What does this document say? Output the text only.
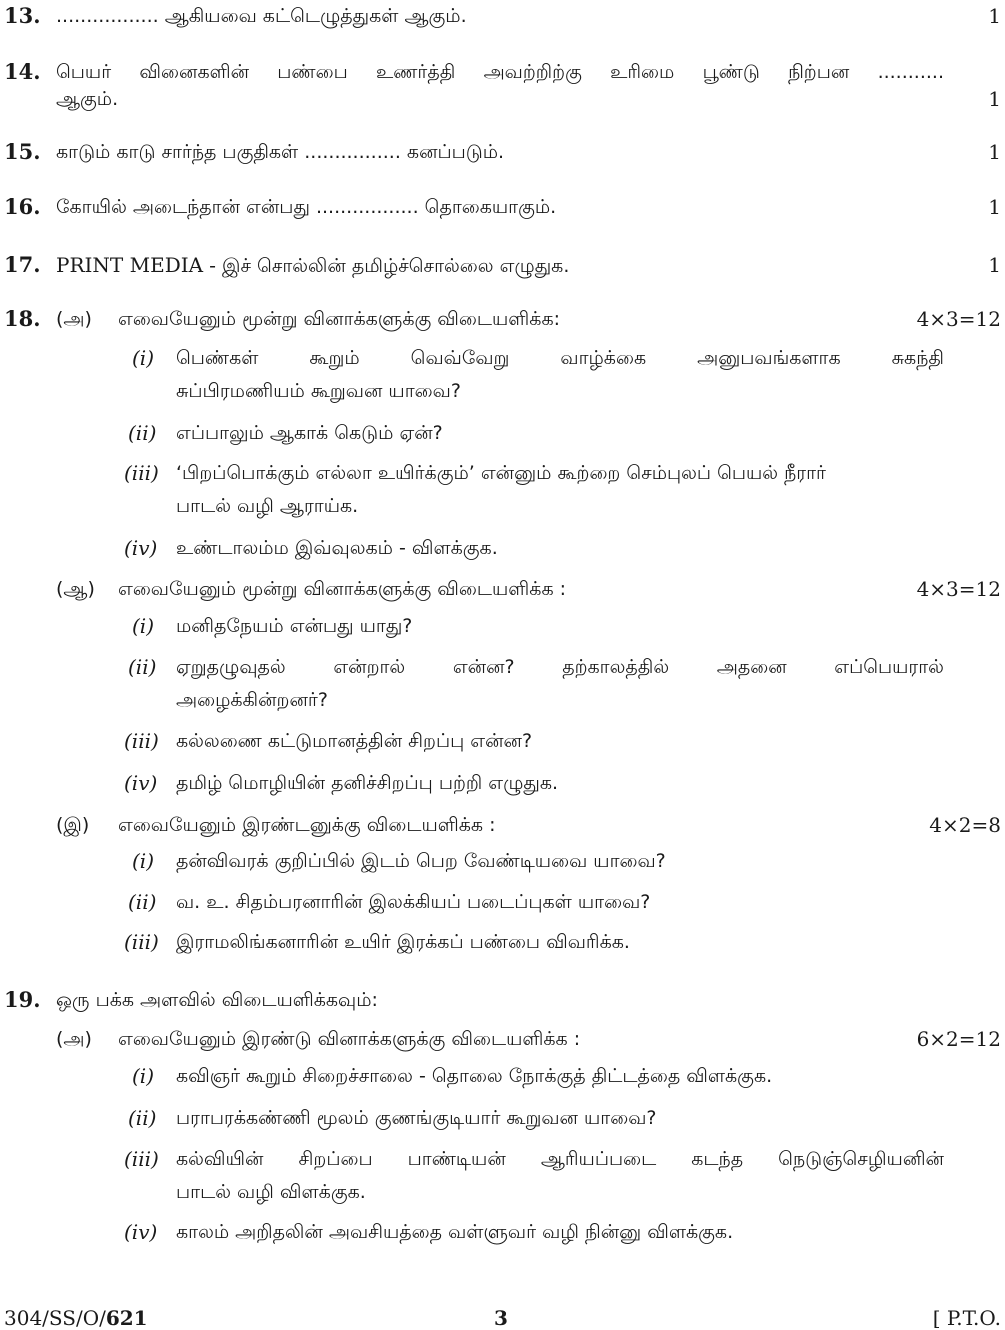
13. ................. ஆகியவை கட்டெழுத்துகள் ஆகும்.	1
14. பெயர் வினைகளின் பண்பை உணர்த்தி அவற்றிற்கு உரிமை பூண்டு நிற்பன ...........
ஆகும்.	1
15. காடும் காடு சார்ந்த பகுதிகள் ................ கனப்படும்.	1
16. கோயில் அடைந்தான் என்பது ................. தொகையாகும்.	1
17. PRINT MEDIA - இச் சொல்லின் தமிழ்ச்சொல்லை எழுதுக.	1
18. (அ) எவையேனும் மூன்று வினாக்களுக்கு விடையளிக்க:	4×3=12
(i) பெண்கள்	கூறும்	வெவ்வேறு	வாழ்க்கை	அனுபவங்களாக	சுகந்தி
சுப்பிரமணியம் கூறுவன யாவை?
(ii) எப்பாலும் ஆகாக் கெடும் ஏன்?
(iii) ‘பிறப்பொக்கும் எல்லா உயிர்க்கும்’ என்னும் கூற்றை செம்புலப் பெயல் நீரார்
பாடல் வழி ஆராய்க.
(iv) உண்டாலம்ம இவ்வுலகம் - விளக்குக.
(ஆ) எவையேனும் மூன்று வினாக்களுக்கு விடையளிக்க :	4×3=12
(i) மனிதநேயம் என்பது யாது?
(ii) ஏறுதழுவுதல்	என்றால்	என்ன?	தற்காலத்தில்	அதனை	எப்பெயரால்
அழைக்கின்றனர்?
(iii) கல்லணை கட்டுமானத்தின் சிறப்பு என்ன?
(iv) தமிழ் மொழியின் தனிச்சிறப்பு பற்றி எழுதுக.
(இ) எவையேனும் இரண்டனுக்கு விடையளிக்க :	4×2=8
(i) தன்விவரக் குறிப்பில் இடம் பெற வேண்டியவை யாவை?
(ii) வ. உ. சிதம்பரனாரின் இலக்கியப் படைப்புகள் யாவை?
(iii) இராமலிங்கனாரின் உயிர் இரக்கப் பண்பை விவரிக்க.
19. ஒரு பக்க அளவில் விடையளிக்கவும்:
(அ) எவையேனும் இரண்டு வினாக்களுக்கு விடையளிக்க :	6×2=12
(i) கவிஞர் கூறும் சிறைச்சாலை - தொலை நோக்குத் திட்டத்தை விளக்குக.
(ii) பராபரக்கண்ணி மூலம் குணங்குடியார் கூறுவன யாவை?
(iii) கல்வியின் சிறப்பை பாண்டியன் ஆரியப்படை கடந்த நெடுஞ்செழியனின்
பாடல் வழி விளக்குக.
(iv) காலம் அறிதலின் அவசியத்தை வள்ளுவர் வழி நின்னு விளக்குக.
304/SS/O/621	3	[ P.T.O.
